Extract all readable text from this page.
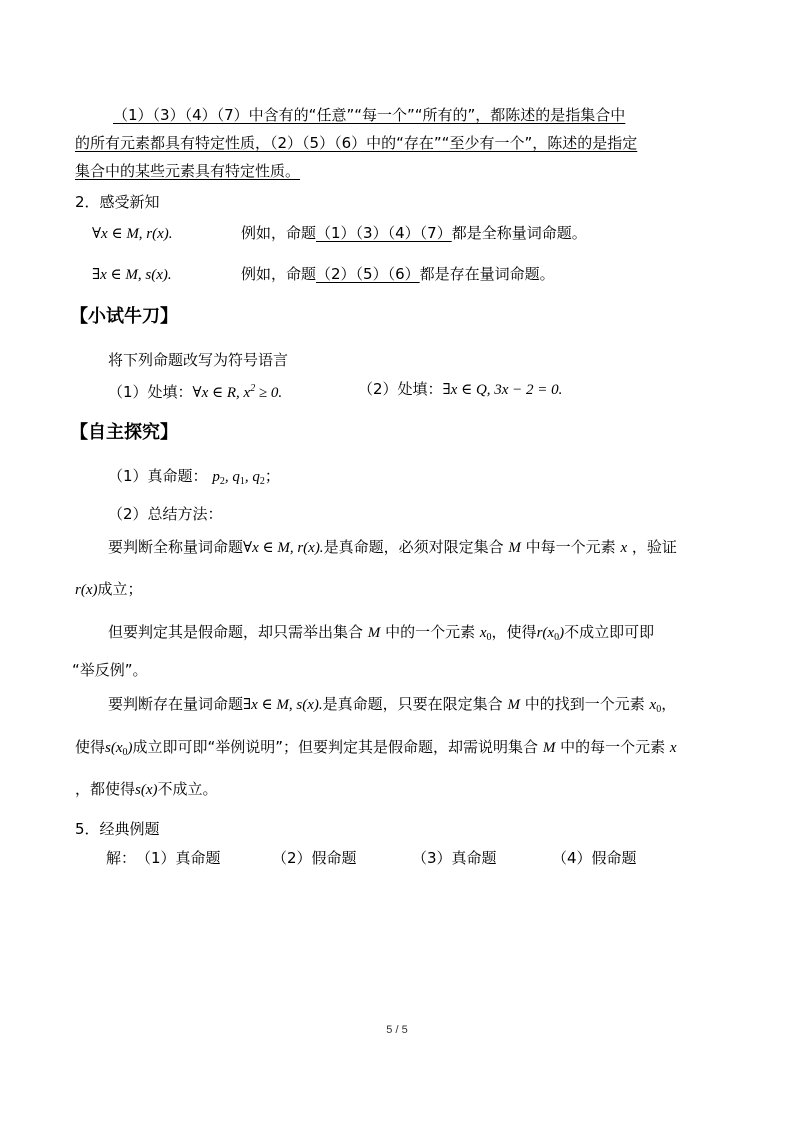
（1）（3）（4）（7）中含有的“任意”“每一个”“所有的”，都陈述的是指集合中
的所有元素都具有特定性质，（2）（5）（6）中的“存在”“至少有一个”，陈述的是指定
集合中的某些元素具有特定性质。
2．感受新知
∀x ∈ M, r(x).	例如，命题（1）（3）（4）（7）都是全称量词命题。
∃x ∈ M, s(x).	例如，命题（2）（5）（6）都是存在量词命题。
【小试牛刀】
将下列命题改写为符号语言
（1）处填：∀x ∈ R, $x^2 \ge 0$.	（2）处填：∃x ∈ Q, 3x − 2 = 0.
【自主探究】
（1）真命题： $p_2$, $q_1$, $q_2$；
（2）总结方法：
要判断全称量词命题∀x ∈ M, r(x).是真命题，必须对限定集合 M 中每一个元素 x ，验证
r(x)成立；
但要判定其是假命题，却只需举出集合 M 中的一个元素 $x_0$，使得$r(x_0)$不成立即可即
“举反例”。
要判断存在量词命题∃x ∈ M, s(x).是真命题，只要在限定集合 M 中的找到一个元素 $x_0$，
使得$s(x_0)$成立即可即“举例说明”；但要判定其是假命题，却需说明集合 M 中的每一个元素 x
，都使得s(x)不成立。
5．经典例题
解： （1）真命题	（2）假命题	（3）真命题	（4）假命题
5 / 5
